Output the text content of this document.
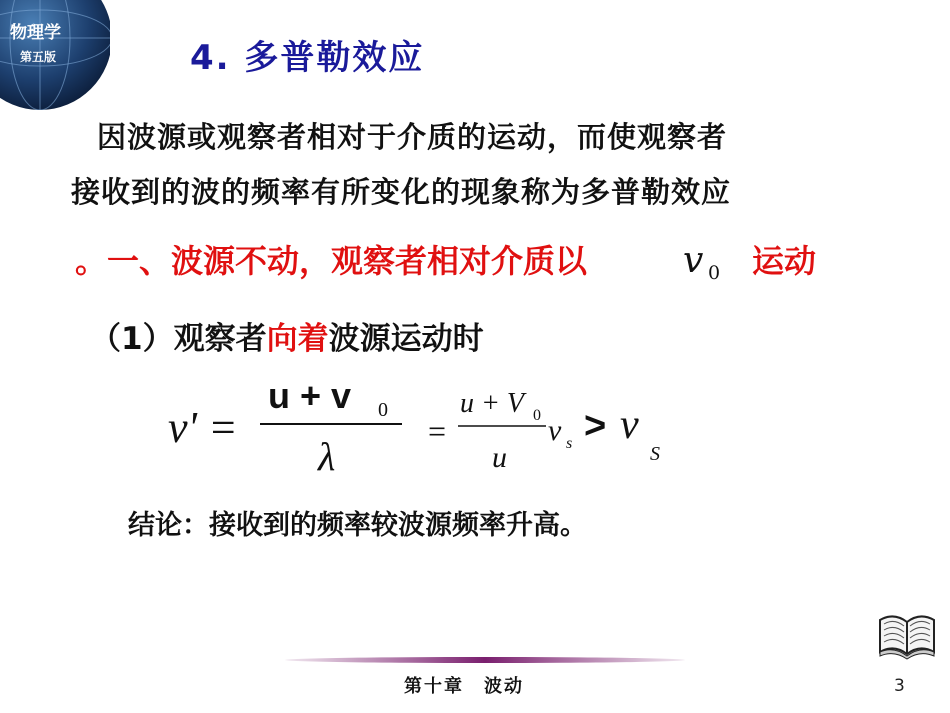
物理学
第五版	4. 多普勒效应
因波源或观察者相对于介质的运动，而使观察者
接收到的波的频率有所变化的现象称为多普勒效应
。一、波源不动，观察者相对介质以	v 0 运动
（1）观察者向着波源运动时
ν' =
u + v 0
λ
=
u + V 0
u
ν s > ν
S
结论：接收到的频率较波源频率升高。
第十章　波动	3
